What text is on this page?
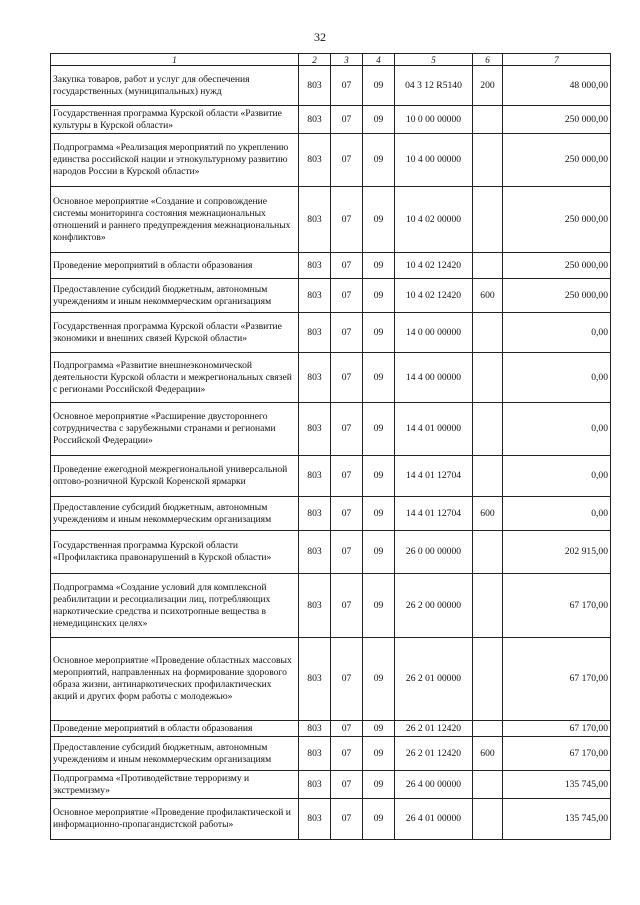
32
1	2	3	4	5	6	7
Закупка товаров, работ и услуг для обеспечения государственных (муниципальных) нужд	803	07	09	04 3 12 R5140	200	48 000,00
Государственная программа Курской области «Развитие культуры в Курской области»	803	07	09	10 0 00 00000		250 000,00
Подпрограмма «Реализация мероприятий по укреплению единства российской нации и этнокультурному развитию народов России в Курской области»	803	07	09	10 4 00 00000		250 000,00
Основное мероприятие «Создание и сопровождение системы мониторинга состояния межнациональных отношений и раннего предупреждения межнациональных конфликтов»	803	07	09	10 4 02 00000		250 000,00
Проведение мероприятий в области образования	803	07	09	10 4 02 12420		250 000,00
Предоставление субсидий бюджетным, автономным учреждениям и иным некоммерческим организациям	803	07	09	10 4 02 12420	600	250 000,00
Государственная программа Курской области «Развитие экономики и внешних связей Курской области»	803	07	09	14 0 00 00000		0,00
Подпрограмма «Развитие внешнеэкономической деятельности Курской области и межрегиональных связей с регионами Российской Федерации»	803	07	09	14 4 00 00000		0,00
Основное мероприятие «Расширение двустороннего сотрудничества с зарубежными странами и регионами Российской Федерации»	803	07	09	14 4 01 00000		0,00
Проведение ежегодной межрегиональной универсальной оптово-розничной Курской Коренской ярмарки	803	07	09	14 4 01 12704		0,00
Предоставление субсидий бюджетным, автономным учреждениям и иным некоммерческим организациям	803	07	09	14 4 01 12704	600	0,00
Государственная программа Курской области «Профилактика правонарушений в Курской области»	803	07	09	26 0 00 00000		202 915,00
Подпрограмма «Создание условий для комплексной реабилитации и ресоциализации лиц, потребляющих наркотические средства и психотропные вещества в немедицинских целях»	803	07	09	26 2 00 00000		67 170,00
Основное мероприятие «Проведение областных массовых мероприятий, направленных на формирование здорового образа жизни, антинаркотических профилактических акций и других форм работы с молодежью»	803	07	09	26 2 01 00000		67 170,00
Проведение мероприятий в области образования	803	07	09	26 2 01 12420		67 170,00
Предоставление субсидий бюджетным, автономным учреждениям и иным некоммерческим организациям	803	07	09	26 2 01 12420	600	67 170,00
Подпрограмма «Противодействие терроризму и экстремизму»	803	07	09	26 4 00 00000		135 745,00
Основное мероприятие «Проведение профилактической и информационно-пропагандистской работы»	803	07	09	26 4 01 00000		135 745,00
